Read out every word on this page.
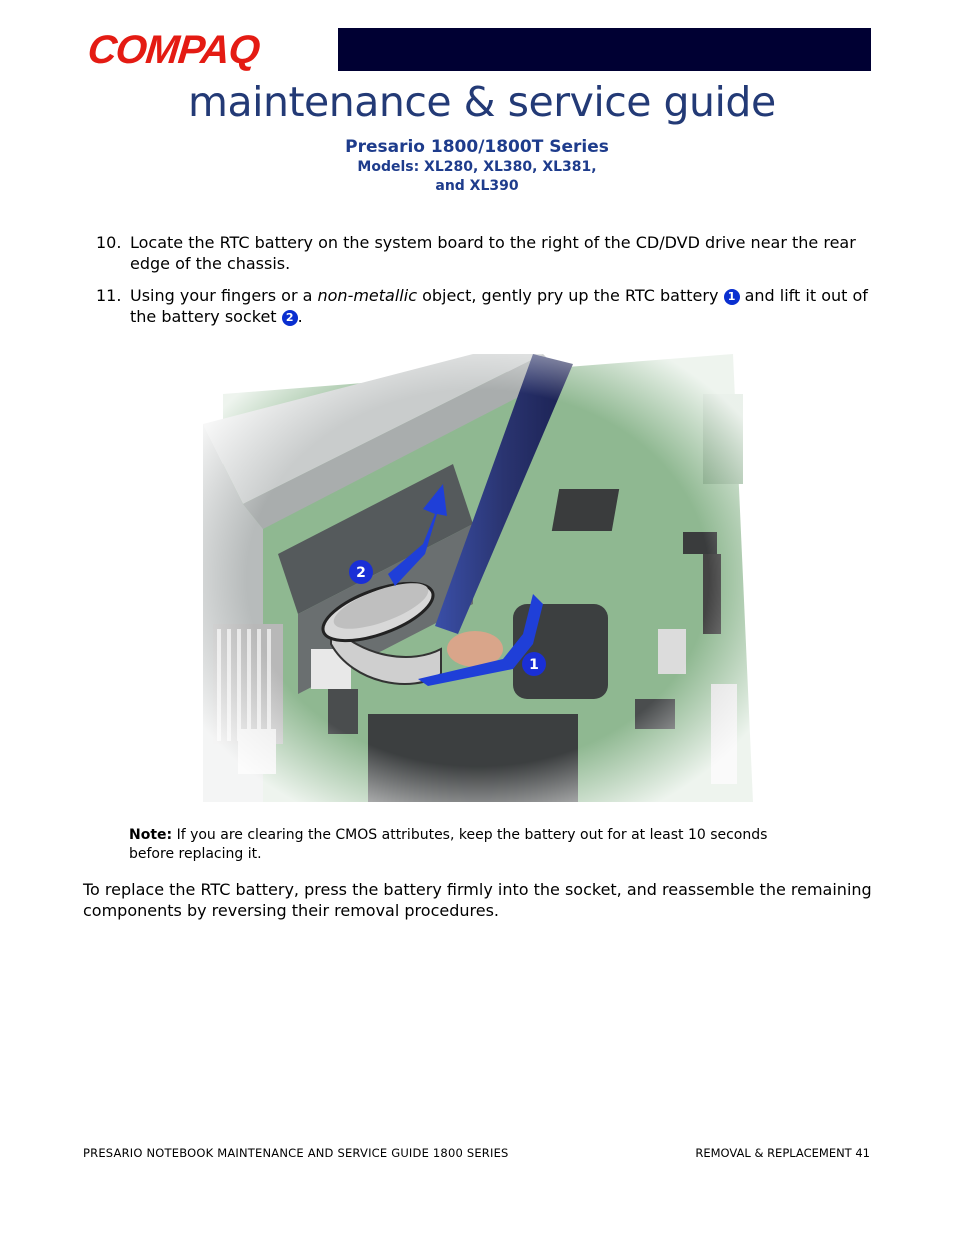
COMPAQ
maintenance & service guide
Presario 1800/1800T Series
Models: XL280, XL380, XL381,
and XL390
10. Locate the RTC battery on the system board to the right of the CD/DVD drive near the rear edge of the chassis.
11. Using your fingers or a non-metallic object, gently pry up the RTC battery 1 and lift it out of the battery socket 2 .
Note: If you are clearing the CMOS attributes, keep the battery out for at least 10 seconds before replacing it.
To replace the RTC battery, press the battery firmly into the socket, and reassemble the remaining components by reversing their removal procedures.
PRESARIO NOTEBOOK MAINTENANCE AND SERVICE GUIDE 1800 SERIES	REMOVAL & REPLACEMENT 41
